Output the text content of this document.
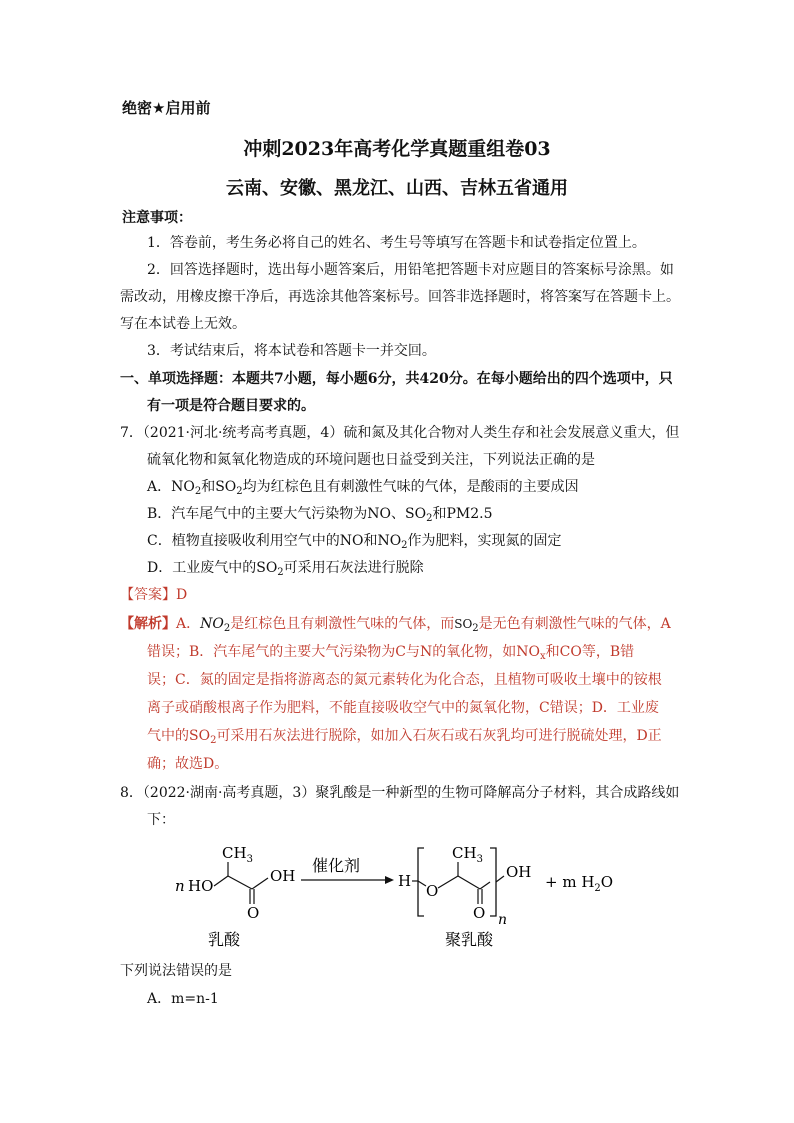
绝密★启用前
冲刺2023年高考化学真题重组卷03
云南、安徽、黑龙江、山西、吉林五省通用
注意事项：
1．答卷前，考生务必将自己的姓名、考生号等填写在答题卡和试卷指定位置上。
2．回答选择题时，选出每小题答案后，用铅笔把答题卡对应题目的答案标号涂黑。如
需改动，用橡皮擦干净后，再选涂其他答案标号。回答非选择题时，将答案写在答题卡上。
写在本试卷上无效。
3．考试结束后，将本试卷和答题卡一并交回。
一、单项选择题：本题共7小题，每小题6分，共420分。在每小题给出的四个选项中，只
有一项是符合题目要求的。
7．（2021·河北·统考高考真题，4）硫和氮及其化合物对人类生存和社会发展意义重大，但
硫氧化物和氮氧化物造成的环境问题也日益受到关注，下列说法正确的是
A．$NO_2$和$SO_2$均为红棕色且有刺激性气味的气体，是酸雨的主要成因
B．汽车尾气中的主要大气污染物为NO、$SO_2$和PM2.5
C．植物直接吸收利用空气中的NO和$NO_2$作为肥料，实现氮的固定
D．工业废气中的$SO_2$可采用石灰法进行脱除
【答案】D
【解析】A．$NO_2$是红棕色且有刺激性气味的气体，而$SO_2$是无色有刺激性气味的气体，A
错误；B．汽车尾气的主要大气污染物为C与N的氧化物，如$NO_x$和CO等，B错
误；C．氮的固定是指将游离态的氮元素转化为化合态，且植物可吸收土壤中的铵根
离子或硝酸根离子作为肥料，不能直接吸收空气中的氮氧化物，C错误；D．工业废
气中的$SO_2$可采用石灰法进行脱除，如加入石灰石或石灰乳均可进行脱硫处理，D正
确；故选D。
8．（2022·湖南·高考真题，3）聚乳酸是一种新型的生物可降解高分子材料，其合成路线如
下：
n HO
$CH_3$
OH
O
乳酸
催化剂
H
O
$CH_3$
O n
OH
+ m $H_2O$
聚乳酸
下列说法错误的是
A．m=n-1
